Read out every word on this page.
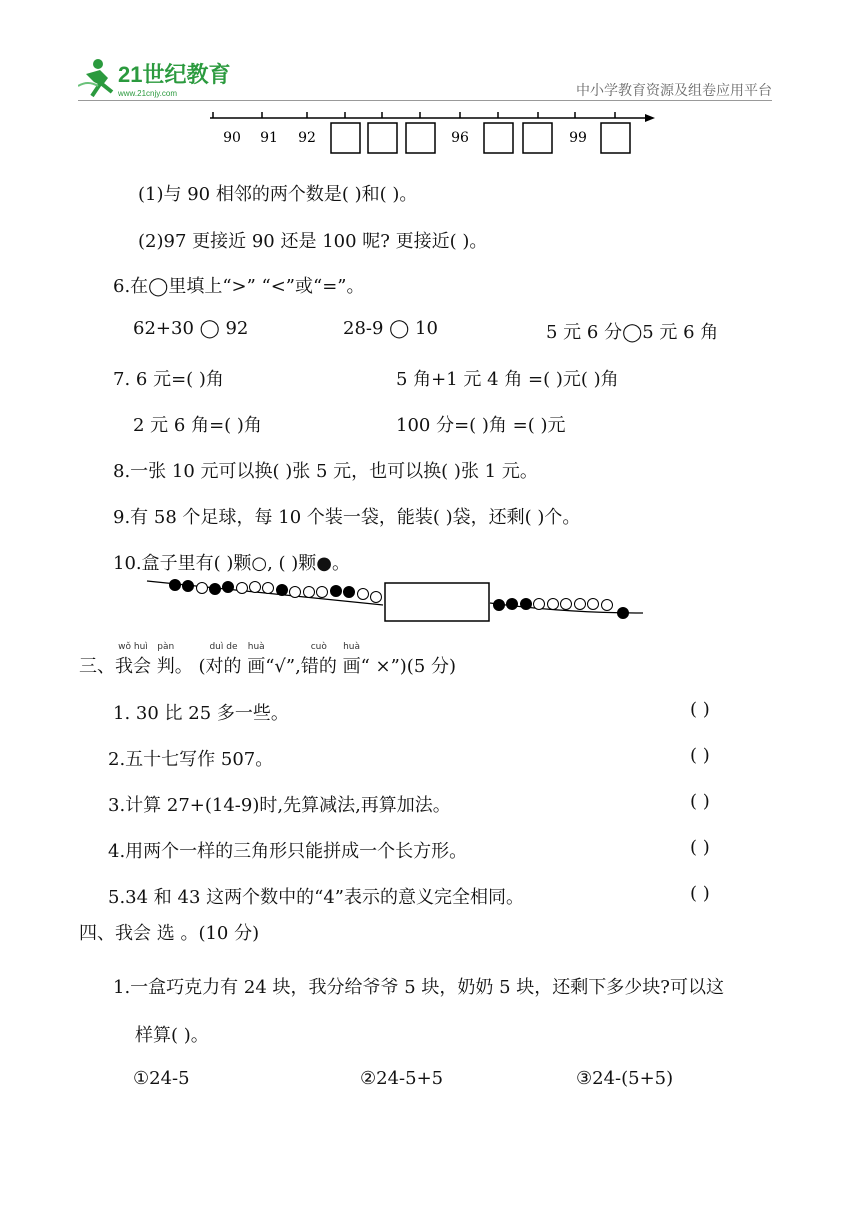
21世纪教育
www.21cnjy.com	中小学教育资源及组卷应用平台
90 91 92	96	99
(1)与 90 相邻的两个数是( )和( )。
(2)97 更接近 90 还是 100 呢? 更接近( )。
6.在◯里填上“>” “<”或“=”。
62+30 ◯ 92	28-9 ◯ 10	5 元 6 分◯5 元 6 角
7. 6 元=( )角	5 角+1 元 4 角 =( )元( )角
2 元 6 角=( )角	100 分=( )角 =( )元
8.一张 10 元可以换( )张 5 元，也可以换( )张 1 元。
9.有 58 个足球，每 10 个装一袋，能装( )袋，还剩( )个。
10.盒子里有( )颗○, ( )颗●。
三、
wǒ huì
我会
pàn
判。 (
duì de
对的
huà
画“√”,
cuò
错的
huà
画“ ×”)(5 分)
1. 30 比 25 多一些。	( )
2.五十七写作 507。	( )
3.计算 27+(14-9)时,先算减法,再算加法。	( )
4.用两个一样的三角形只能拼成一个长方形。	( )
5.34 和 43 这两个数中的“4”表示的意义完全相同。	( )
四、我会 选 。(10 分)
1.一盒巧克力有 24 块，我分给爷爷 5 块，奶奶 5 块，还剩下多少块?可以这
样算( )。
①24-5	②24-5+5	③24-(5+5)
